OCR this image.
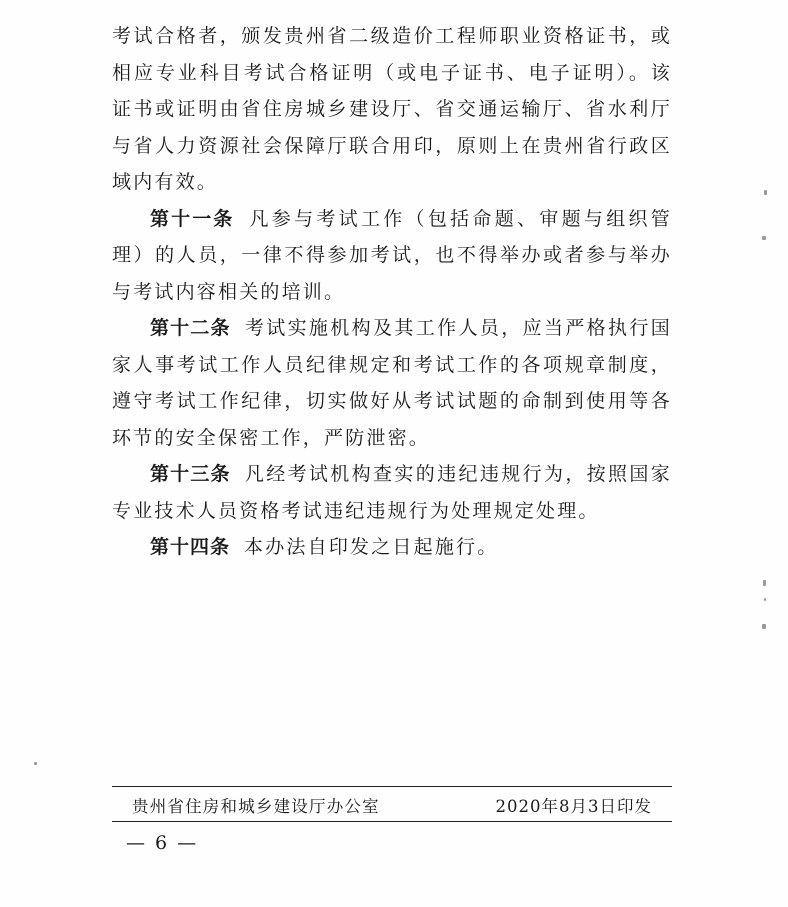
考试合格者，颁发贵州省二级造价工程师职业资格证书，或相应专业科目考试合格证明（或电子证书、电子证明）。该证书或证明由省住房城乡建设厅、省交通运输厅、省水利厅与省人力资源社会保障厅联合用印，原则上在贵州省行政区域内有效。

第十一条 凡参与考试工作（包括命题、审题与组织管理）的人员，一律不得参加考试，也不得举办或者参与举办与考试内容相关的培训。

第十二条 考试实施机构及其工作人员，应当严格执行国家人事考试工作人员纪律规定和考试工作的各项规章制度，遵守考试工作纪律，切实做好从考试试题的命制到使用等各环节的安全保密工作，严防泄密。

第十三条 凡经考试机构查实的违纪违规行为，按照国家专业技术人员资格考试违纪违规行为处理规定处理。

第十四条 本办法自印发之日起施行。

贵州省住房和城乡建设厅办公室	2020年8月3日印发
— 6 —
